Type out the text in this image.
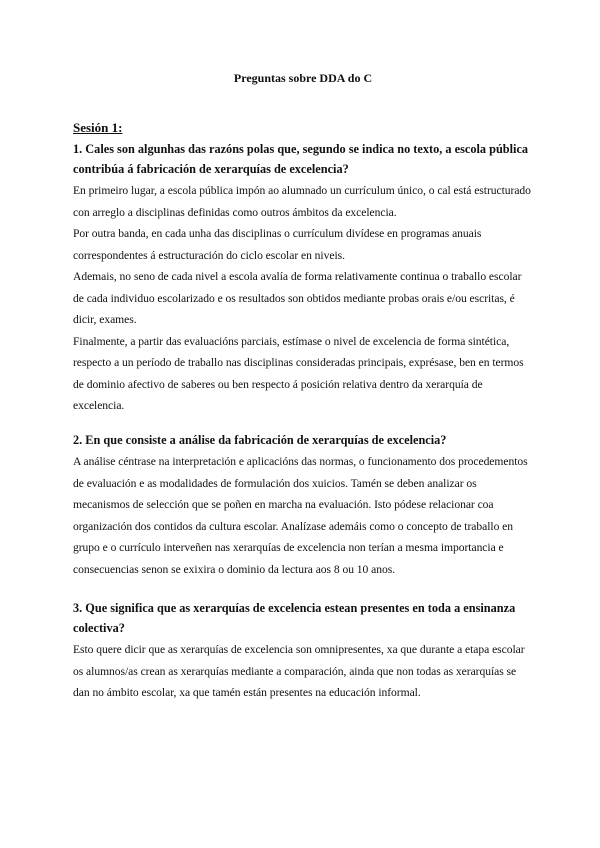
Preguntas sobre DDA do C
Sesión 1:

1. Cales son algunhas das razóns polas que, segundo se indica no texto, a escola pública contribúa á fabricación de xerarquías de excelencia?

En primeiro lugar, a escola pública impón ao alumnado un currículum único, o cal está estructurado con arreglo a disciplinas definidas como outros ámbitos da excelencia.

Por outra banda, en cada unha das disciplinas o currículum divídese en programas anuais correspondentes á estructuración do ciclo escolar en niveis.

Ademais, no seno de cada nivel a escola avalía de forma relativamente continua o traballo escolar de cada individuo escolarizado e os resultados son obtidos mediante probas orais e/ou escritas, é dicir, exames.

Finalmente, a partir das evaluacións parciais, estímase o nivel de excelencia de forma sintética, respecto a un período de traballo nas disciplinas consideradas principais, exprésase, ben en termos de dominio afectivo de saberes ou ben respecto á posición relativa dentro da xerarquía de excelencia.

2. En que consiste a análise da fabricación de xerarquías de excelencia?

A análise céntrase na interpretación e aplicacións das normas, o funcionamento dos procedementos de evaluación e as modalidades de formulación dos xuicios. Tamén se deben analizar os mecanismos de selección que se poñen en marcha na evaluación. Isto pódese relacionar coa organización dos contidos da cultura escolar. Analízase ademáis como o concepto de traballo en grupo e o currículo interveñen nas xerarquías de excelencia non terían a mesma importancia e consecuencias senon se exixira o dominio da lectura aos 8 ou 10 anos.

3. Que significa que as xerarquías de excelencia estean presentes en toda a ensinanza colectiva?

Esto quere dicir que as xerarquías de excelencia son omnipresentes, xa que durante a etapa escolar os alumnos/as crean as xerarquías mediante a comparación, ainda que non todas as xerarquías se dan no ámbito escolar, xa que tamén están presentes na educación informal.
